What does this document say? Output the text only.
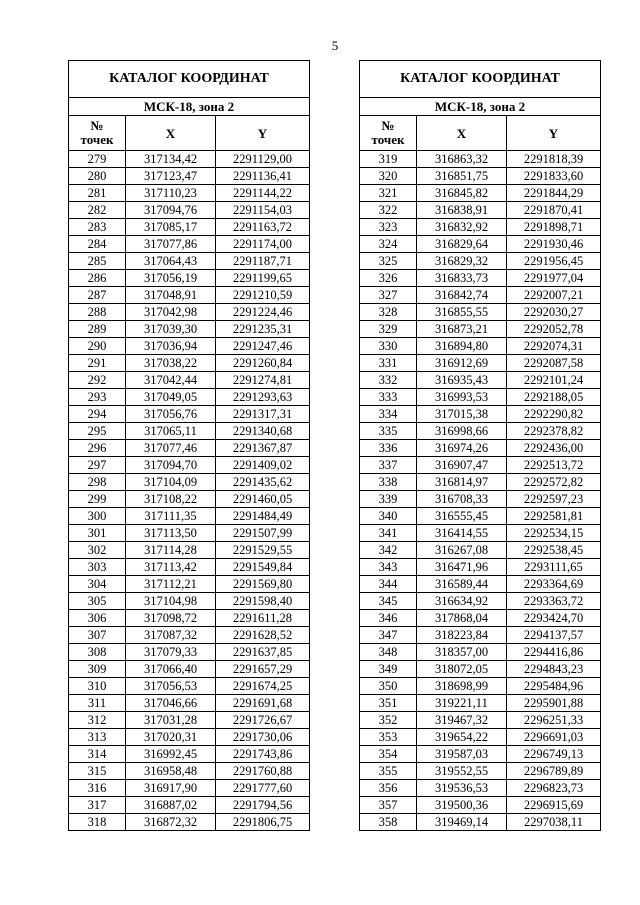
5
КАТАЛОГ КООРДИНАТ		
МСК-18, зона 2		
№
точек	X	Y
279	317134,42	2291129,00
280	317123,47	2291136,41
281	317110,23	2291144,22
282	317094,76	2291154,03
283	317085,17	2291163,72
284	317077,86	2291174,00
285	317064,43	2291187,71
286	317056,19	2291199,65
287	317048,91	2291210,59
288	317042,98	2291224,46
289	317039,30	2291235,31
290	317036,94	2291247,46
291	317038,22	2291260,84
292	317042,44	2291274,81
293	317049,05	2291293,63
294	317056,76	2291317,31
295	317065,11	2291340,68
296	317077,46	2291367,87
297	317094,70	2291409,02
298	317104,09	2291435,62
299	317108,22	2291460,05
300	317111,35	2291484,49
301	317113,50	2291507,99
302	317114,28	2291529,55
303	317113,42	2291549,84
304	317112,21	2291569,80
305	317104,98	2291598,40
306	317098,72	2291611,28
307	317087,32	2291628,52
308	317079,33	2291637,85
309	317066,40	2291657,29
310	317056,53	2291674,25
311	317046,66	2291691,68
312	317031,28	2291726,67
313	317020,31	2291730,06
314	316992,45	2291743,86
315	316958,48	2291760,88
316	316917,90	2291777,60
317	316887,02	2291794,56
318	316872,32	2291806,75
КАТАЛОГ КООРДИНАТ		
МСК-18, зона 2		
№
точек	X	Y
319	316863,32	2291818,39
320	316851,75	2291833,60
321	316845,82	2291844,29
322	316838,91	2291870,41
323	316832,92	2291898,71
324	316829,64	2291930,46
325	316829,32	2291956,45
326	316833,73	2291977,04
327	316842,74	2292007,21
328	316855,55	2292030,27
329	316873,21	2292052,78
330	316894,80	2292074,31
331	316912,69	2292087,58
332	316935,43	2292101,24
333	316993,53	2292188,05
334	317015,38	2292290,82
335	316998,66	2292378,82
336	316974,26	2292436,00
337	316907,47	2292513,72
338	316814,97	2292572,82
339	316708,33	2292597,23
340	316555,45	2292581,81
341	316414,55	2292534,15
342	316267,08	2292538,45
343	316471,96	2293111,65
344	316589,44	2293364,69
345	316634,92	2293363,72
346	317868,04	2293424,70
347	318223,84	2294137,57
348	318357,00	2294416,86
349	318072,05	2294843,23
350	318698,99	2295484,96
351	319221,11	2295901,88
352	319467,32	2296251,33
353	319654,22	2296691,03
354	319587,03	2296749,13
355	319552,55	2296789,89
356	319536,53	2296823,73
357	319500,36	2296915,69
358	319469,14	2297038,11
